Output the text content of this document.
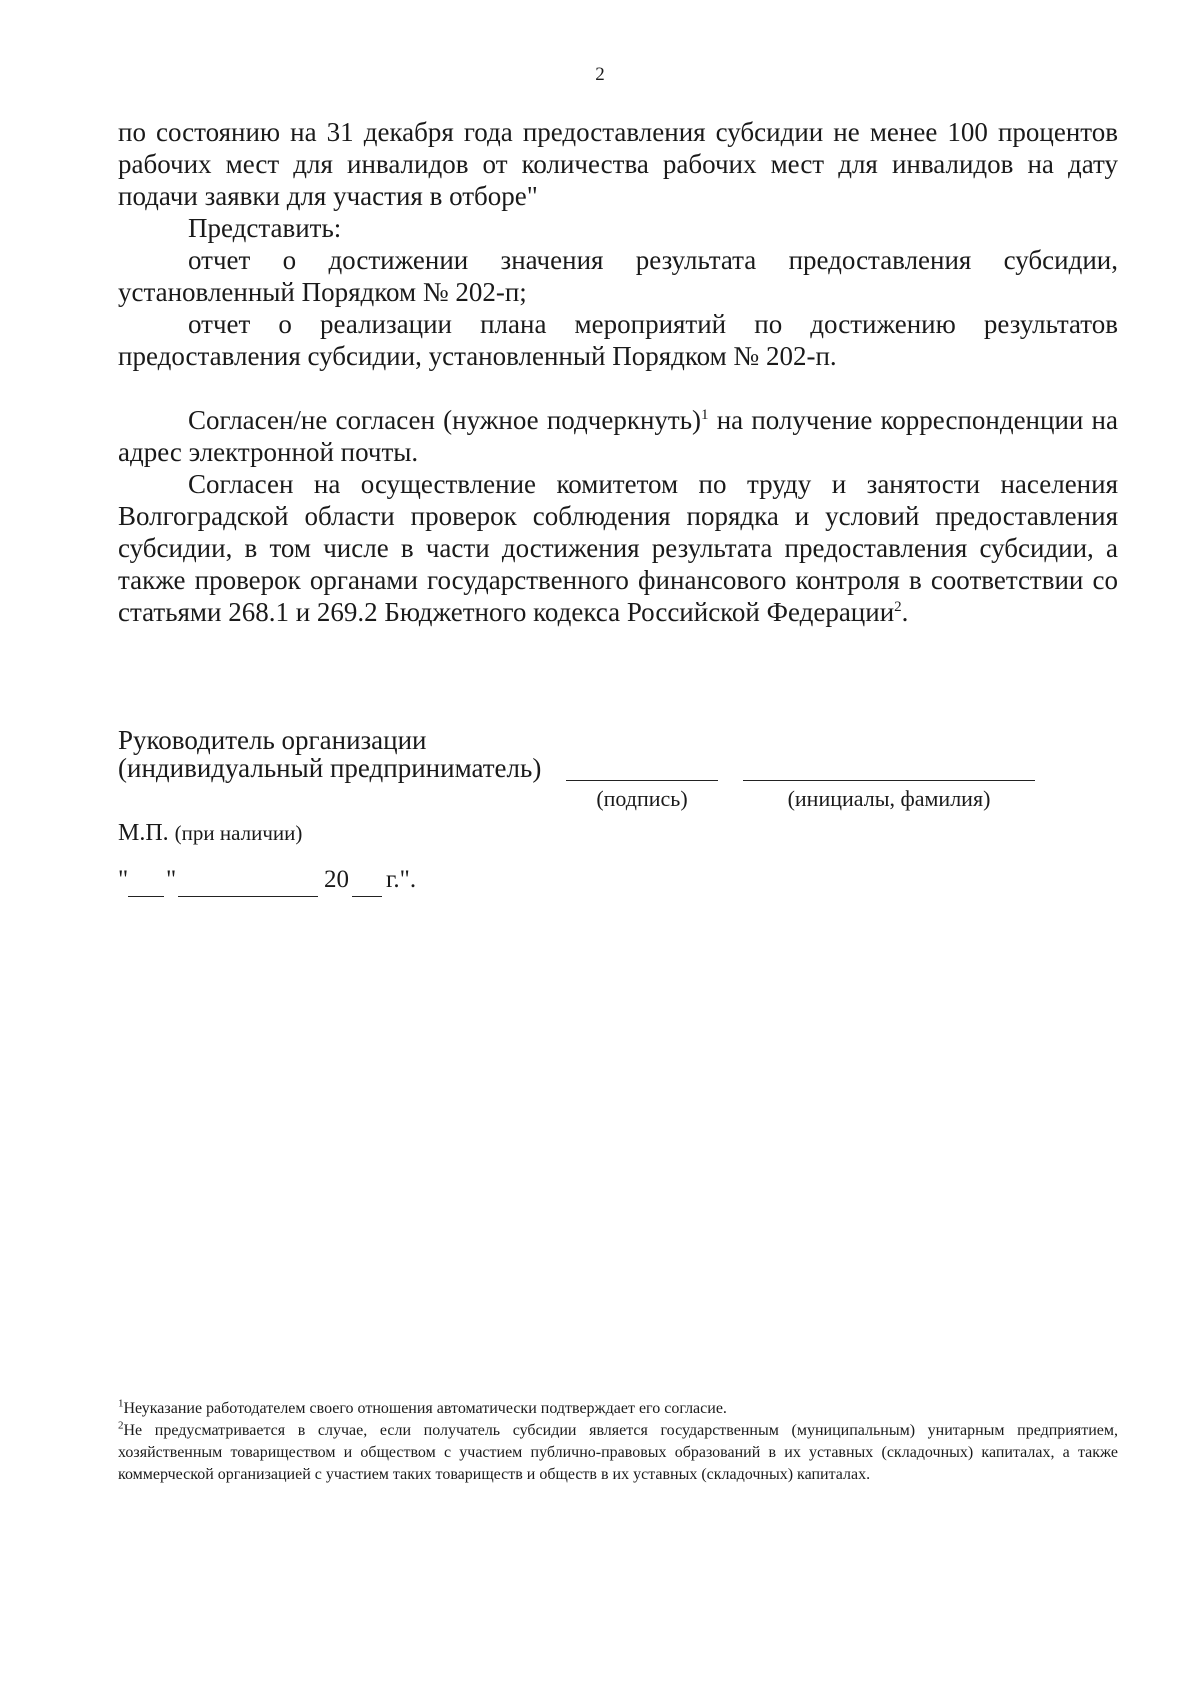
2

по состоянию на 31 декабря года предоставления субсидии не менее 100 процентов рабочих мест для инвалидов от количества рабочих мест для инвалидов на дату подачи заявки для участия в отборе"

Представить:

отчет о достижении значения результата предоставления субсидии, установленный Порядком № 202-п;

отчет о реализации плана мероприятий по достижению результатов предоставления субсидии, установленный Порядком № 202-п.

Согласен/не согласен (нужное подчеркнуть)$^1$ на получение корреспонденции на адрес электронной почты.

Согласен на осуществление комитетом по труду и занятости населения Волгоградской области проверок соблюдения порядка и условий предоставления субсидии, в том числе в части достижения результата предоставления субсидии, а также проверок органами государственного финансового контроля в соответствии со статьями 268.1 и 269.2 Бюджетного кодекса Российской Федерации$^2$.

Руководитель организации
(индивидуальный предприниматель)
(подпись)	(инициалы, фамилия)
М.П. (при наличии)
" "	20 г.".

$^1$Неуказание работодателем своего отношения автоматически подтверждает его согласие.

$^2$Не предусматривается в случае, если получатель субсидии является государственным (муниципальным) унитарным предприятием, хозяйственным товариществом и обществом с участием публично-правовых образований в их уставных (складочных) капиталах, а также коммерческой организацией с участием таких товариществ и обществ в их уставных (складочных) капиталах.
